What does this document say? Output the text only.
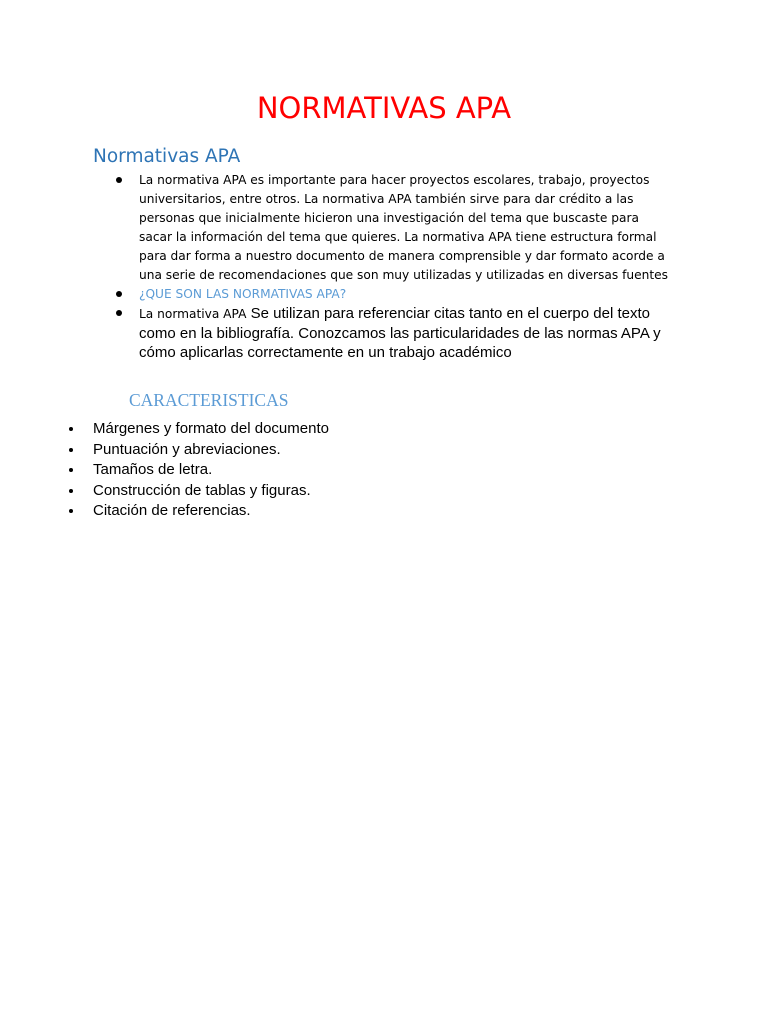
NORMATIVAS APA
Normativas APA
La normativa APA es importante para hacer proyectos escolares, trabajo, proyectos universitarios, entre otros. La normativa APA también sirve para dar crédito a las personas que inicialmente hicieron una investigación del tema que buscaste para sacar la información del tema que quieres. La normativa APA tiene estructura formal para dar forma a nuestro documento de manera comprensible y dar formato acorde a una serie de recomendaciones que son muy utilizadas y utilizadas en diversas fuentes
¿QUE SON LAS NORMATIVAS APA?
La normativa APA Se utilizan para referenciar citas tanto en el cuerpo del texto como en la bibliografía. Conozcamos las particularidades de las normas APA y cómo aplicarlas correctamente en un trabajo académico
CARACTERISTICAS
Márgenes y formato del documento
Puntuación y abreviaciones.
Tamaños de letra.
Construcción de tablas y figuras.
Citación de referencias.
